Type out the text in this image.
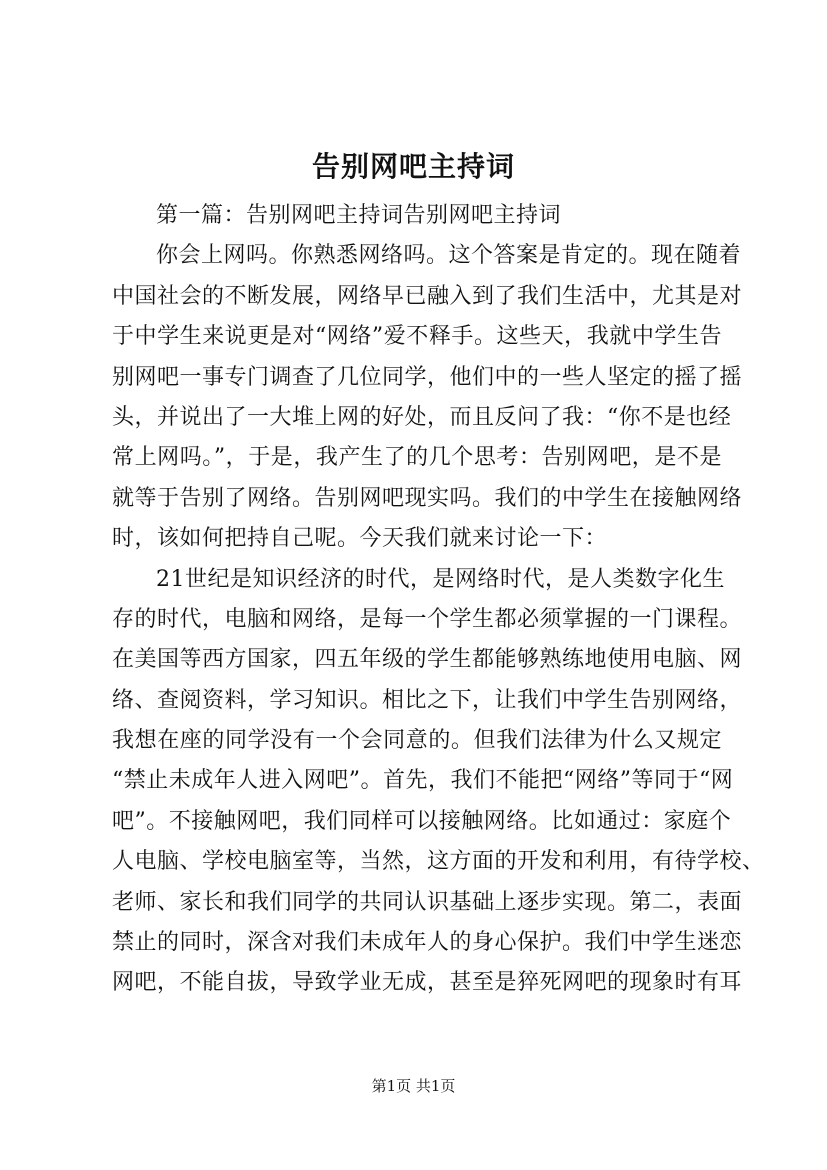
告别网吧主持词
第一篇：告别网吧主持词告别网吧主持词
你会上网吗。你熟悉网络吗。这个答案是肯定的。现在随着
中国社会的不断发展，网络早已融入到了我们生活中，尤其是对
于中学生来说更是对“网络”爱不释手。这些天，我就中学生告
别网吧一事专门调查了几位同学，他们中的一些人坚定的摇了摇
头，并说出了一大堆上网的好处，而且反问了我：“你不是也经
常上网吗。”，于是，我产生了的几个思考：告别网吧，是不是
就等于告别了网络。告别网吧现实吗。我们的中学生在接触网络
时，该如何把持自己呢。今天我们就来讨论一下：
21世纪是知识经济的时代，是网络时代，是人类数字化生
存的时代，电脑和网络，是每一个学生都必须掌握的一门课程。
在美国等西方国家，四五年级的学生都能够熟练地使用电脑、网
络、查阅资料，学习知识。相比之下，让我们中学生告别网络，
我想在座的同学没有一个会同意的。但我们法律为什么又规定
“禁止未成年人进入网吧”。首先，我们不能把“网络”等同于“网
吧”。不接触网吧，我们同样可以接触网络。比如通过：家庭个
人电脑、学校电脑室等，当然，这方面的开发和利用，有待学校、
老师、家长和我们同学的共同认识基础上逐步实现。第二，表面
禁止的同时，深含对我们未成年人的身心保护。我们中学生迷恋
网吧，不能自拔，导致学业无成，甚至是猝死网吧的现象时有耳
第1页 共1页
